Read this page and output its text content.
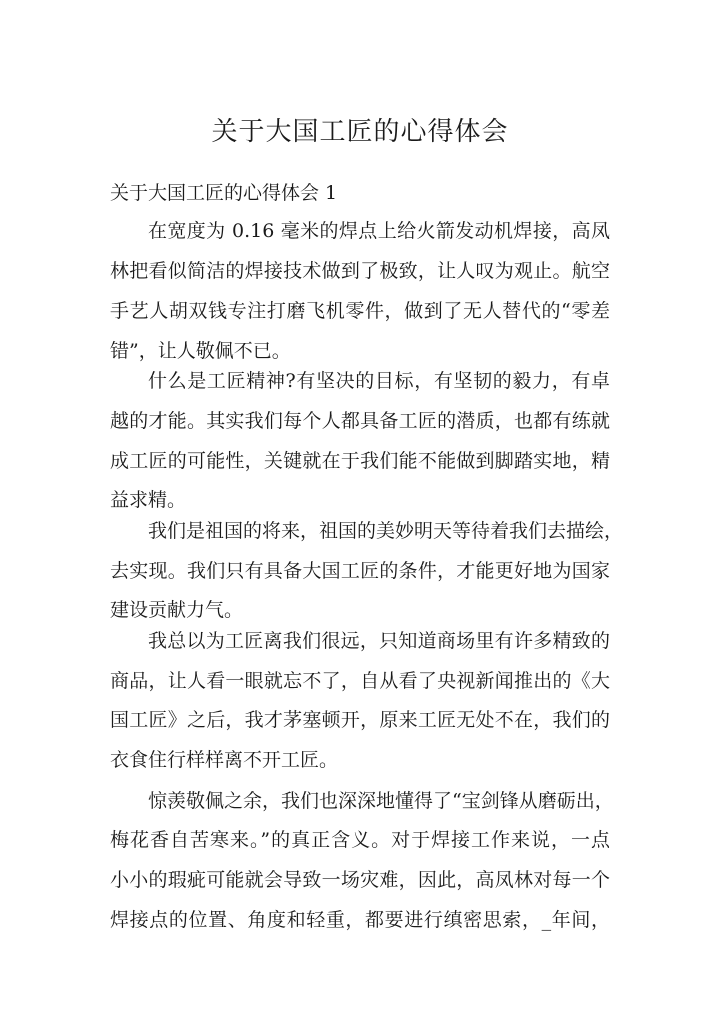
关于大国工匠的心得体会
关于大国工匠的心得体会 1
在宽度为 0.16 毫米的焊点上给火箭发动机焊接，高凤
林把看似简洁的焊接技术做到了极致，让人叹为观止。航空
手艺人胡双钱专注打磨飞机零件，做到了无人替代的“零差
错”，让人敬佩不已。
什么是工匠精神?有坚决的目标，有坚韧的毅力，有卓
越的才能。其实我们每个人都具备工匠的潜质，也都有练就
成工匠的可能性，关键就在于我们能不能做到脚踏实地，精
益求精。
我们是祖国的将来，祖国的美妙明天等待着我们去描绘，
去实现。我们只有具备大国工匠的条件，才能更好地为国家
建设贡献力气。
我总以为工匠离我们很远，只知道商场里有许多精致的
商品，让人看一眼就忘不了，自从看了央视新闻推出的《大
国工匠》之后，我才茅塞顿开，原来工匠无处不在，我们的
衣食住行样样离不开工匠。
惊羡敬佩之余，我们也深深地懂得了“宝剑锋从磨砺出，
梅花香自苦寒来。”的真正含义。对于焊接工作来说，一点
小小的瑕疵可能就会导致一场灾难，因此，高凤林对每一个
焊接点的位置、角度和轻重，都要进行缜密思索，_年间，
